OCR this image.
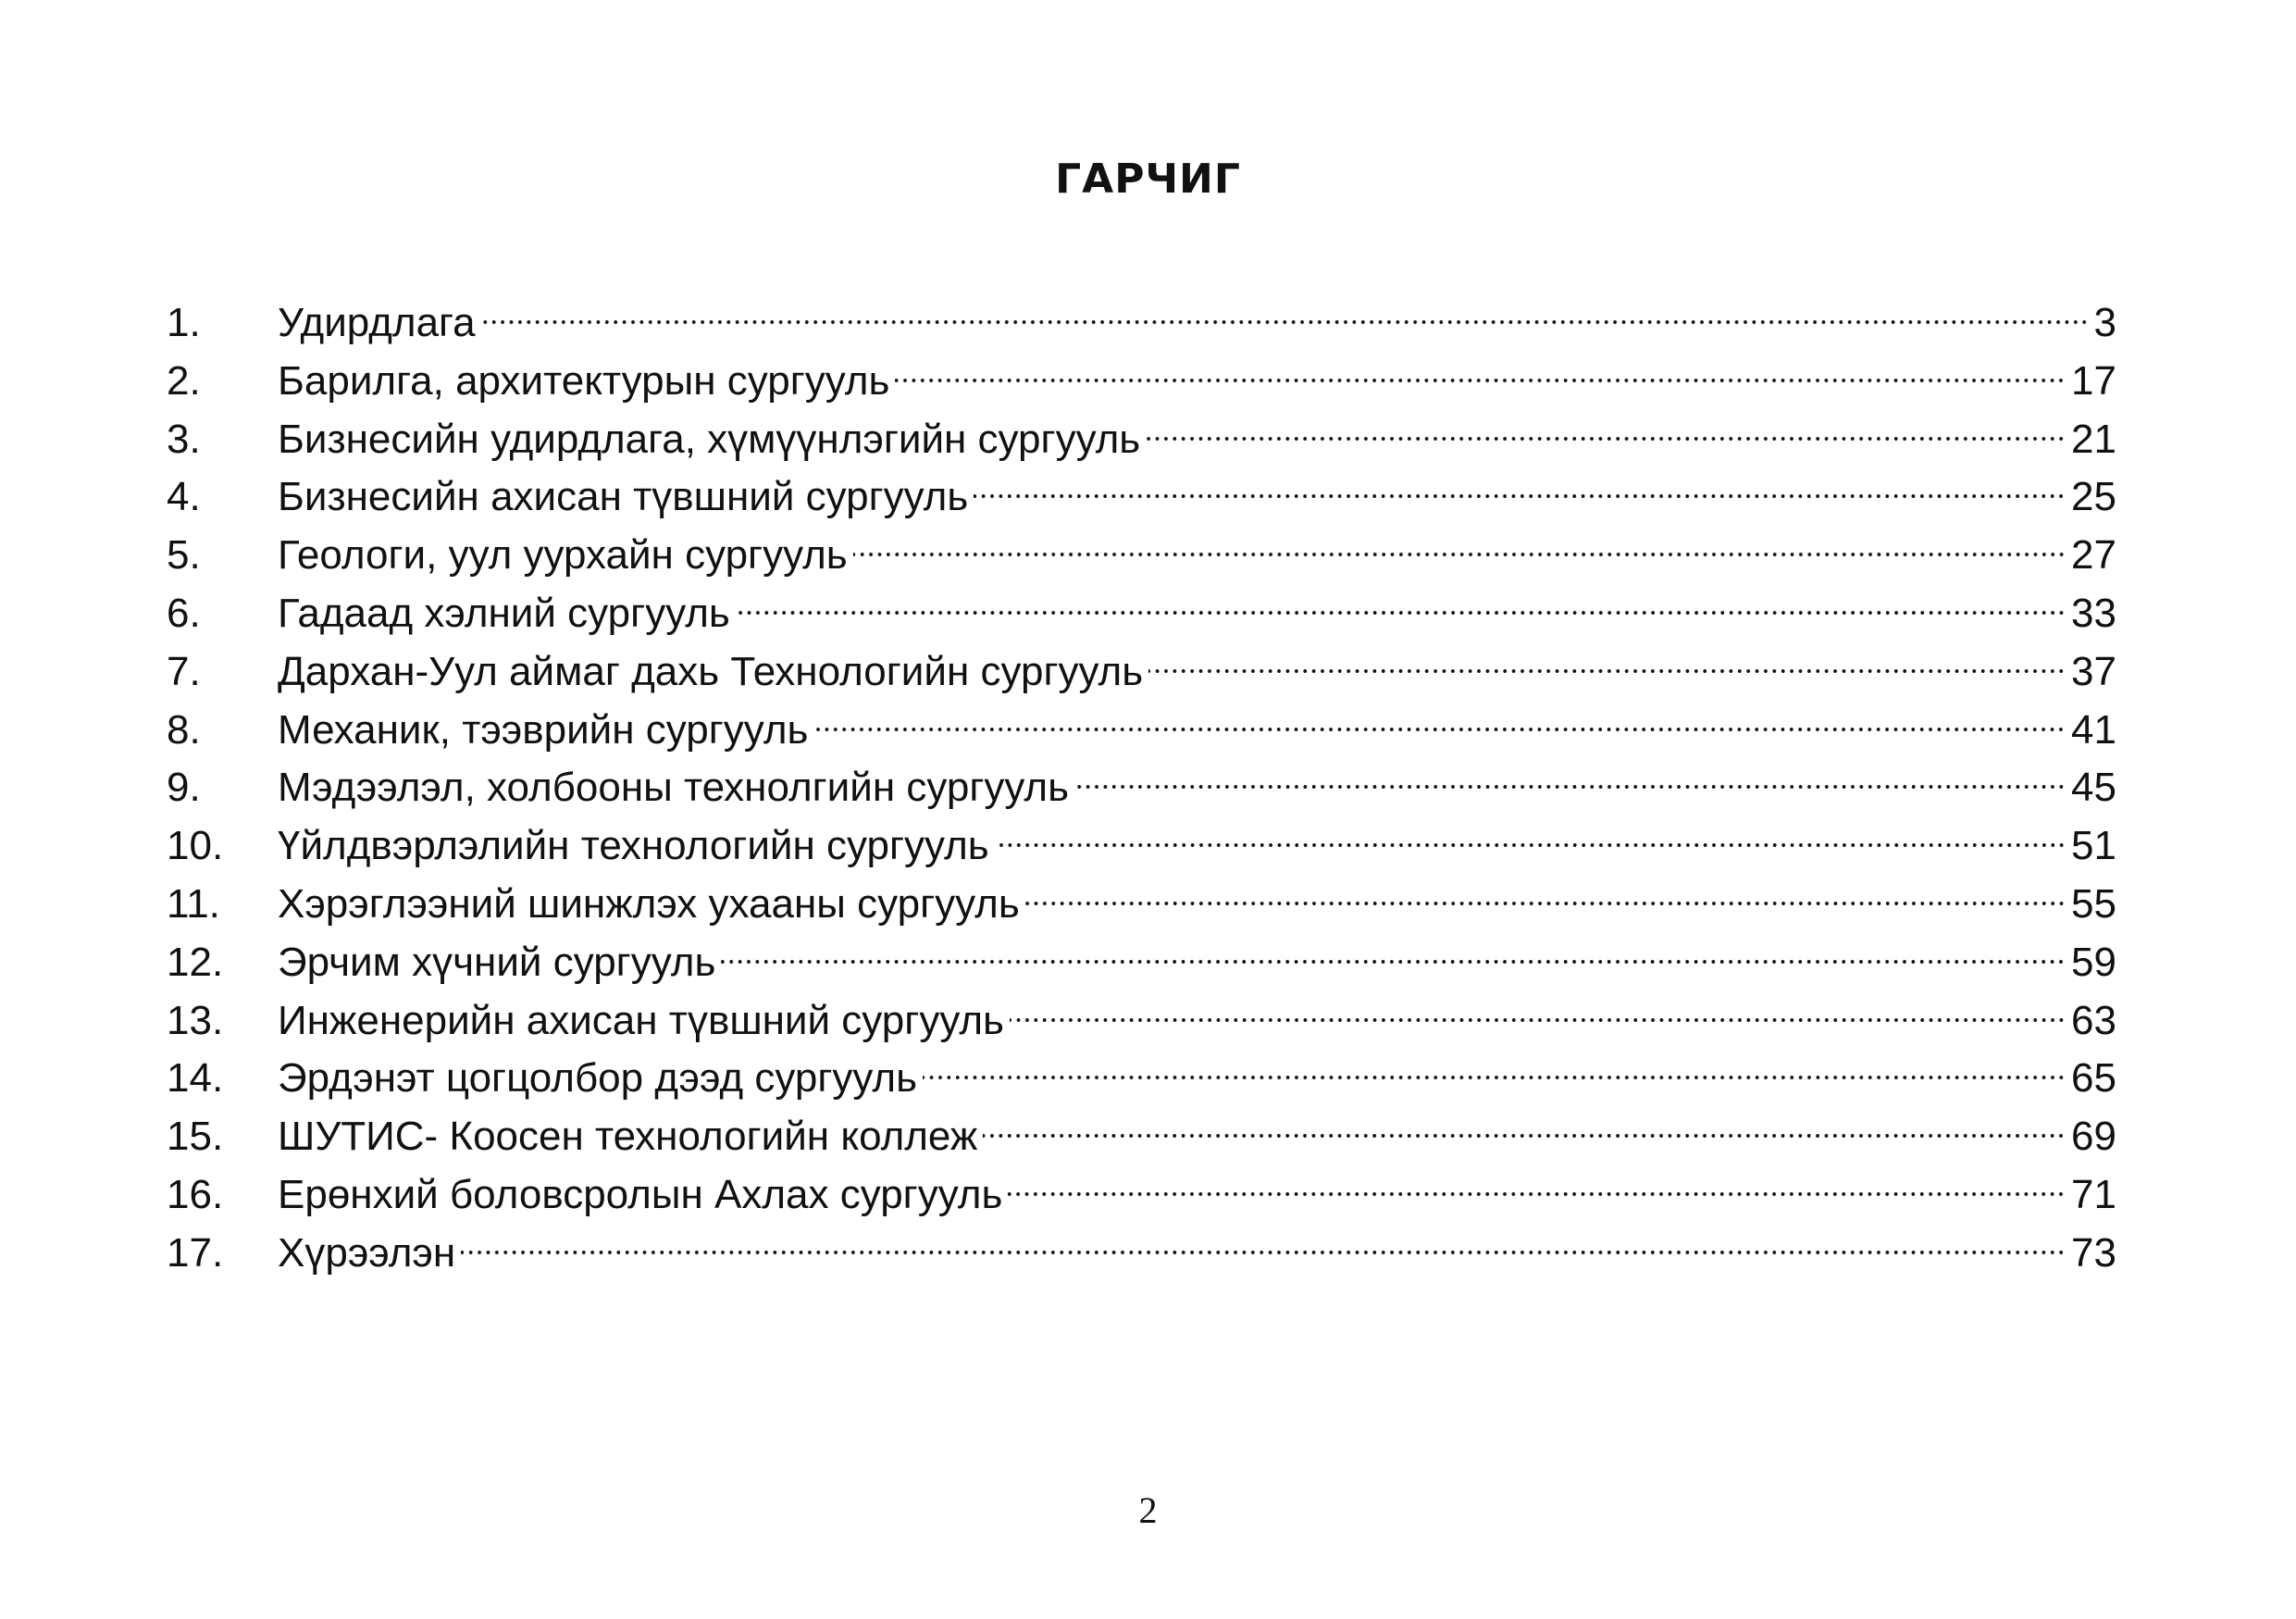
ГАРЧИГ
1.	Удирдлага	3
2.	Барилга, архитектурын сургууль	17
3.	Бизнесийн удирдлага, хүмүүнлэгийн сургууль	21
4.	Бизнесийн ахисан түвшний сургууль	25
5.	Геологи, уул уурхайн сургууль	27
6.	Гадаад хэлний сургууль	33
7.	Дархан-Уул аймаг дахь Технологийн сургууль	37
8.	Механик, тээврийн сургууль	41
9.	Мэдээлэл, холбооны технолгийн сургууль	45
10.	Үйлдвэрлэлийн технологийн сургууль	51
11.	Хэрэглээний шинжлэх ухааны сургууль	55
12.	Эрчим хүчний сургууль	59
13.	Инженерийн ахисан түвшний сургууль	63
14.	Эрдэнэт цогцолбор дээд сургууль	65
15.	ШУТИС- Коосен технологийн коллеж	69
16.	Ерөнхий боловсролын Ахлах сургууль	71
17.	Хүрээлэн	73
2
